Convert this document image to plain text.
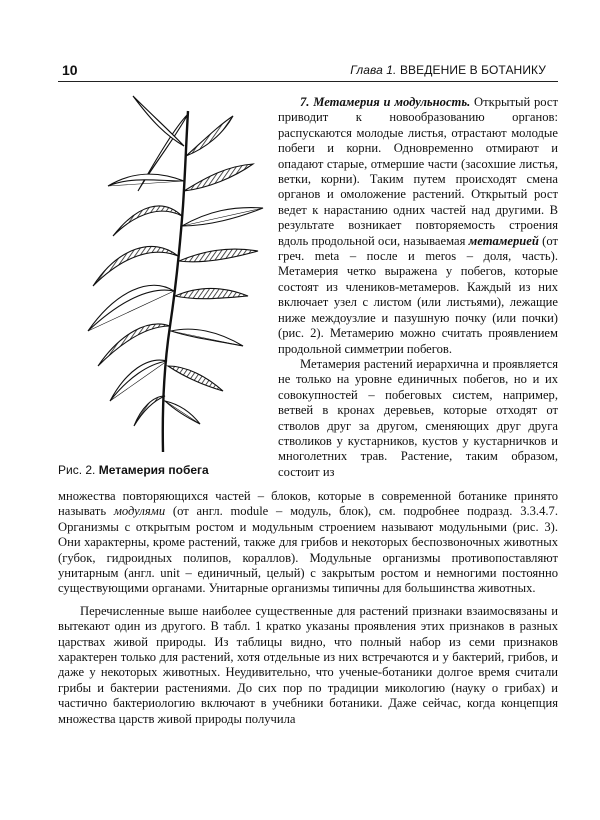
10	Глава 1. ВВЕДЕНИЕ В БОТАНИКУ
Рис. 2. Метамерия побега

7. Метамерия и модульность. Открытый рост приводит к новообразованию органов: распускаются молодые листья, отрастают молодые побеги и корни. Одновременно отмирают и опадают старые, отмершие части (засохшие листья, ветки, корни). Таким путем происходят смена органов и омоложение растений. Открытый рост ведет к нарастанию одних частей над другими. В результате возникает повторяемость строения вдоль продольной оси, называемая метамерией (от греч. meta – после и meros – доля, часть). Метамерия четко выражена у побегов, которые состоят из члеников-метамеров. Каждый из них включает узел с листом (или листьями), лежащие ниже междоузлие и пазушную почку (или почки) (рис. 2). Метамерию можно считать проявлением продольной симметрии побегов.

Метамерия растений иерархична и проявляется не только на уровне единичных побегов, но и их совокупностей – побеговых систем, например, ветвей в кронах деревьев, которые отходят от стволов друг за другом, сменяющих друг друга стволиков у кустарников, кустов у кустарничков и многолетних трав. Растение, таким образом, состоит из

множества повторяющихся частей – блоков, которые в современной ботанике принято называть модулями (от англ. module – модуль, блок), см. подробнее подразд. 3.3.4.7. Организмы с открытым ростом и модульным строением называют модульными (рис. 3). Они характерны, кроме растений, также для грибов и некоторых беспозвоночных животных (губок, гидроидных полипов, кораллов). Модульные организмы противопоставляют унитарным (англ. unit – единичный, целый) с закрытым ростом и немногими постоянно существующими органами. Унитарные организмы типичны для большинства животных.

Перечисленные выше наиболее существенные для растений признаки взаимосвязаны и вытекают один из другого. В табл. 1 кратко указаны проявления этих признаков в разных царствах живой природы. Из таблицы видно, что полный набор из семи признаков характерен только для растений, хотя отдельные из них встречаются и у бактерий, грибов, и даже у некоторых животных. Неудивительно, что ученые-ботаники долгое время считали грибы и бактерии растениями. До сих пор по традиции микологию (науку о грибах) и частично бактериологию включают в учебники ботаники. Даже сейчас, когда концепция множества царств живой природы получила
